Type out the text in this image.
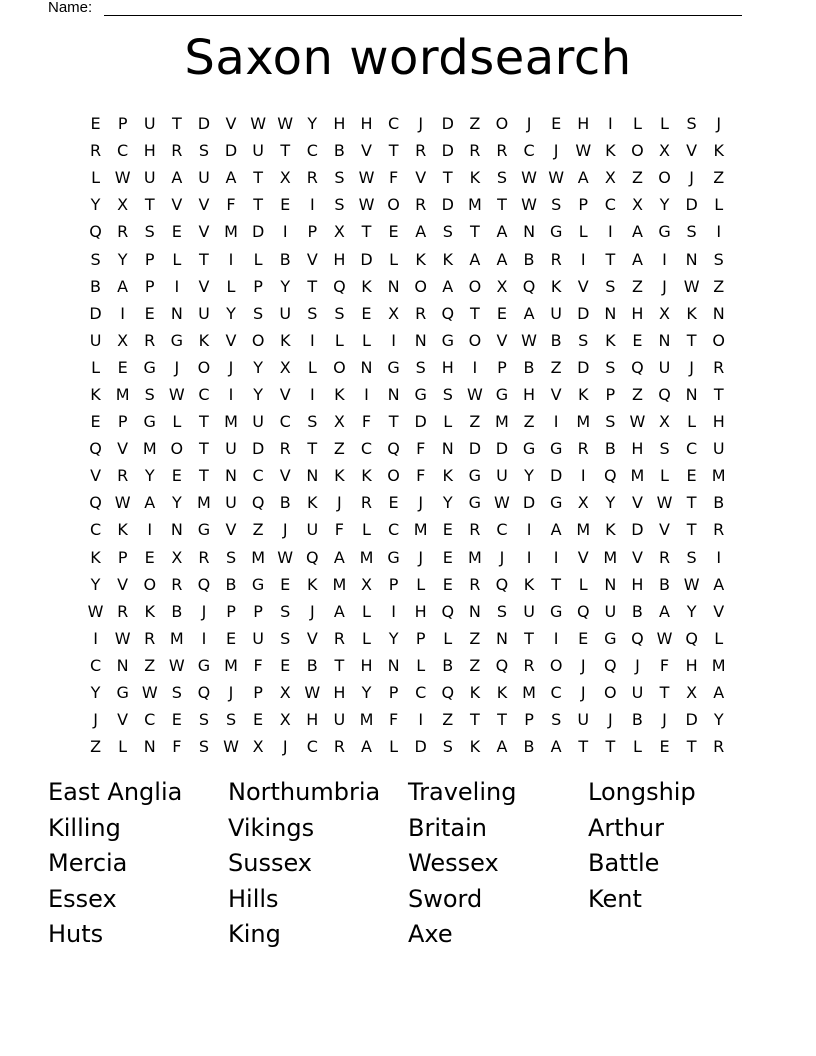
Name:
Saxon wordsearch
E	P	U	T	D V W W Y	H H C	J	D Z O	J	E	H	I	L	L	S	J
R C H R	S D U	T	C	B	V	T	R D R R C	J	W K O X	V	K
L W U A U A	T	X	R	S W F	V	T	K	S W W A	X	Z O	J	Z
Y	X	T	V	V	F	T	E	I	S W O R D M T W S	P	C	X	Y	D	L
Q R	S	E	V M D	I	P	X	T	E	A	S	T	A N G	L	I	A G S	I
S	Y	P	L	T	I	L	B	V H D	L	K	K	A	A	B	R	I	T	A	I	N	S
B	A	P	I	V	L	P	Y	T Q K N O A O X Q K	V	S	Z	J	W Z
D	I	E	N U	Y	S	U	S	S	E	X	R Q T	E	A U D N H X	K N
U X	R G K	V O K	I	L	L	I	N G O V W B	S	K	E	N	T O
L	E G	J	O	J	Y	X	L	O N G S	H	I	P	B	Z D S Q U	J	R
K M S W C	I	Y	V	I	K	I	N G S W G H V	K	P	Z Q N	T
E	P	G	L	T M U C	S	X	F	T	D	L	Z M Z	I	M S W X	L	H
Q V M O T	U D R	T	Z	C Q	F	N D D G G R	B H	S	C U
V	R	Y	E	T	N C	V N K	K O	F	K G U	Y	D	I	Q M L	E M
Q W A	Y M U Q B	K	J	R	E	J	Y	G W D G X	Y	V W T	B
C	K	I	N G V	Z	J	U	F	L	C M E	R C	I	A M K D V	T	R
K	P	E	X	R	S M W Q A M G	J	E M	J	I	I	V M V	R	S	I
Y	V O R Q B G E	K M X	P	L	E	R Q K	T	L	N H B W A
W R	K	B	J	P	P	S	J	A	L	I	H Q N	S	U G Q U B	A	Y	V
I	W R M	I	E	U	S	V	R	L	Y	P	L	Z N	T	I	E G Q W Q	L
C N Z W G M F	E	B	T	H N	L	B	Z Q R O	J	Q	J	F	H M
Y	G W S Q	J	P	X W H	Y	P	C Q K	K M C	J	O U	T	X	A
J	V	C	E	S	S	E	X H U M F	I	Z	T	T	P	S	U	J	B	J	D	Y
Z	L	N	F	S W X	J	C R	A	L	D S	K	A	B	A	T	T	L	E	T	R
East Anglia	Northumbria	Traveling	Longship
Killing	Vikings	Britain	Arthur
Mercia	Sussex	Wessex	Battle
Essex	Hills	Sword	Kent
Huts	King	Axe
